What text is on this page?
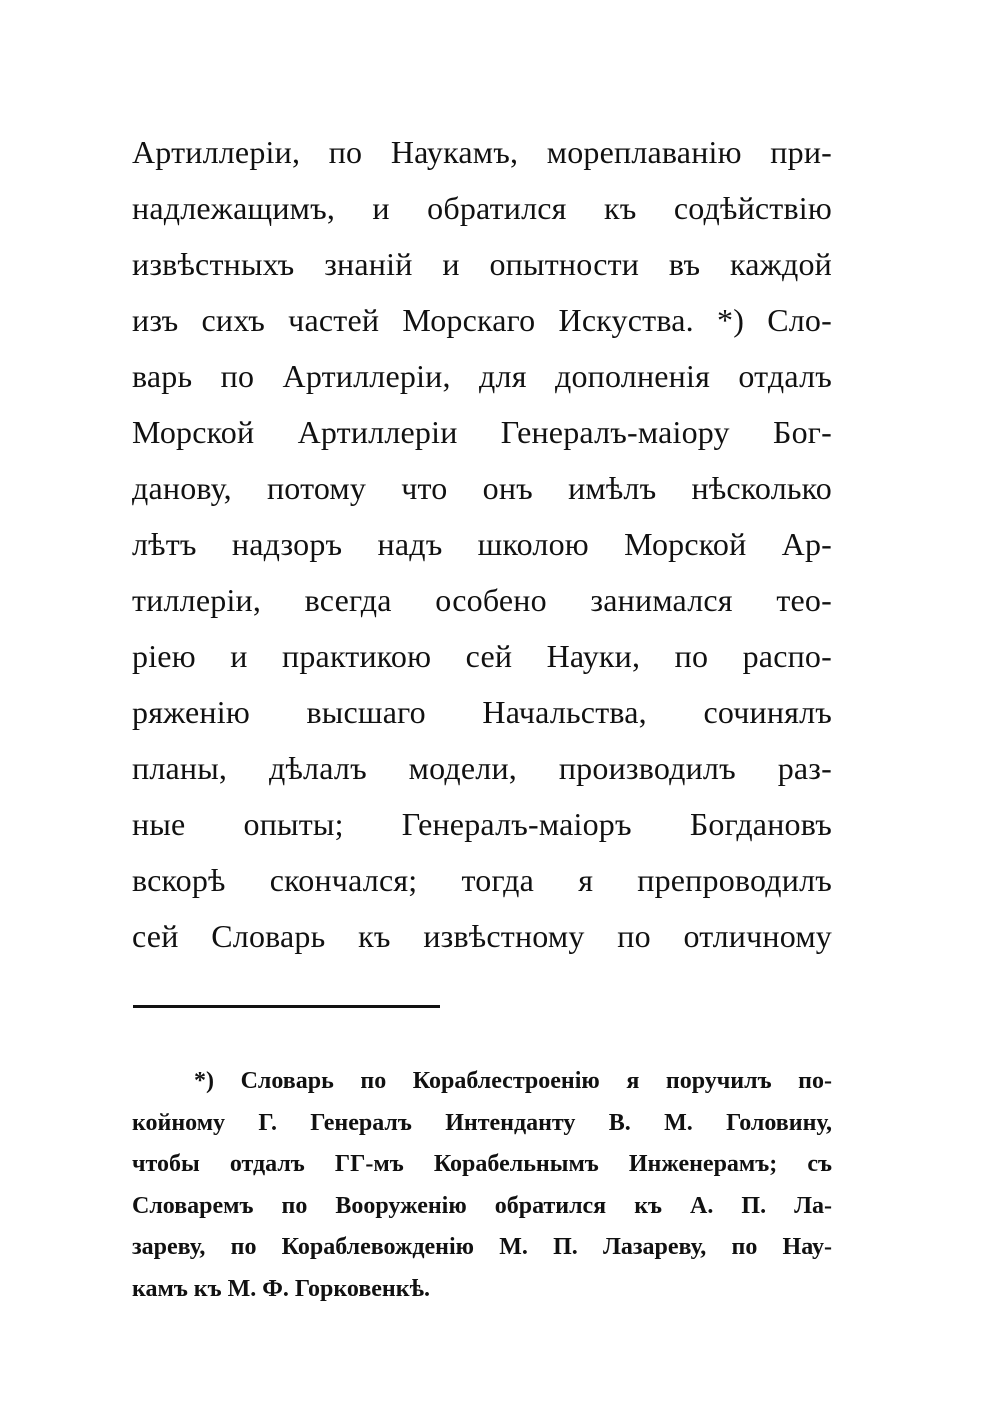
Артиллеріи, по Наукамъ, мореплаванію при-
надлежащимъ, и обратился къ содѣйствію
извѣстныхъ знаній и опытности въ каждой
изъ сихъ частей Морскаго Искуства. *) Сло-
варь по Артиллеріи, для дополненія отдалъ
Морской Артиллеріи Генералъ-маіору Бог-
данову, потому что онъ имѣлъ нѣсколько
лѣтъ надзоръ надъ школою Морской Ар-
тиллеріи, всегда особено занимался тео-
ріею и практикою сей Науки, по распо-
ряженію высшаго Начальства, сочинялъ
планы, дѣлалъ модели, производилъ раз-
ные опыты; Генералъ-маіоръ Богдановъ
вскорѣ скончался; тогда я препроводилъ
сей Словарь къ извѣстному по отличному
*) Словарь по Кораблестроенію я поручилъ по-
койному Г. Генералъ Интенданту В. М. Головину,
чтобы отдалъ ГГ-мъ Корабельнымъ Инженерамъ; съ
Словаремъ по Вооруженію обратился къ А. П. Ла-
зареву, по Кораблевожденію М. П. Лазареву, по Нау-
камъ къ М. Ф. Горковенкѣ.
